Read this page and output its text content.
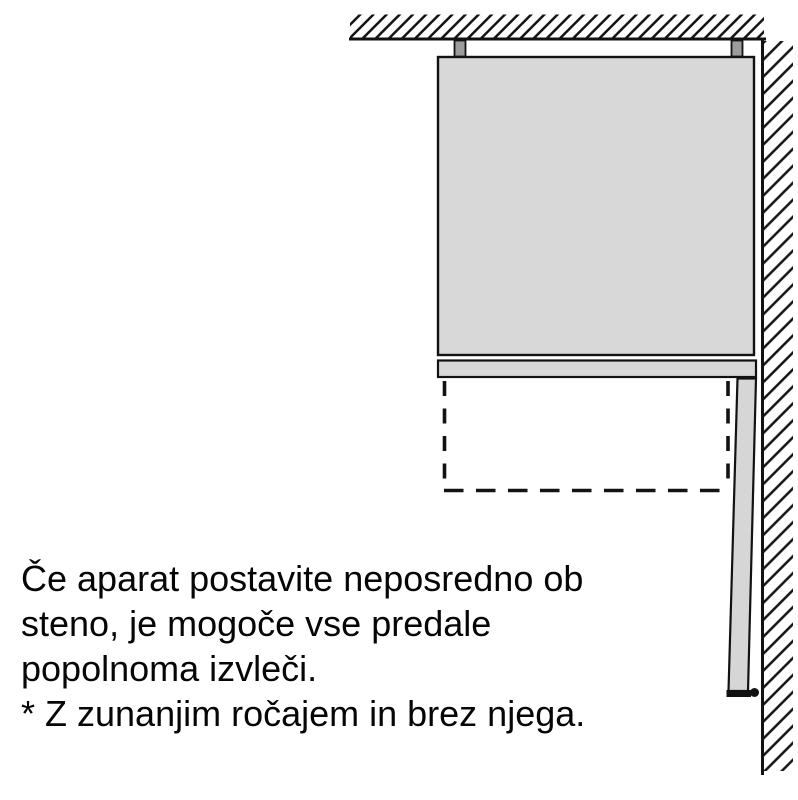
Če aparat postavite neposredno ob
steno, je mogoče vse predale
popolnoma izvleči.
* Z zunanjim ročajem in brez njega.
